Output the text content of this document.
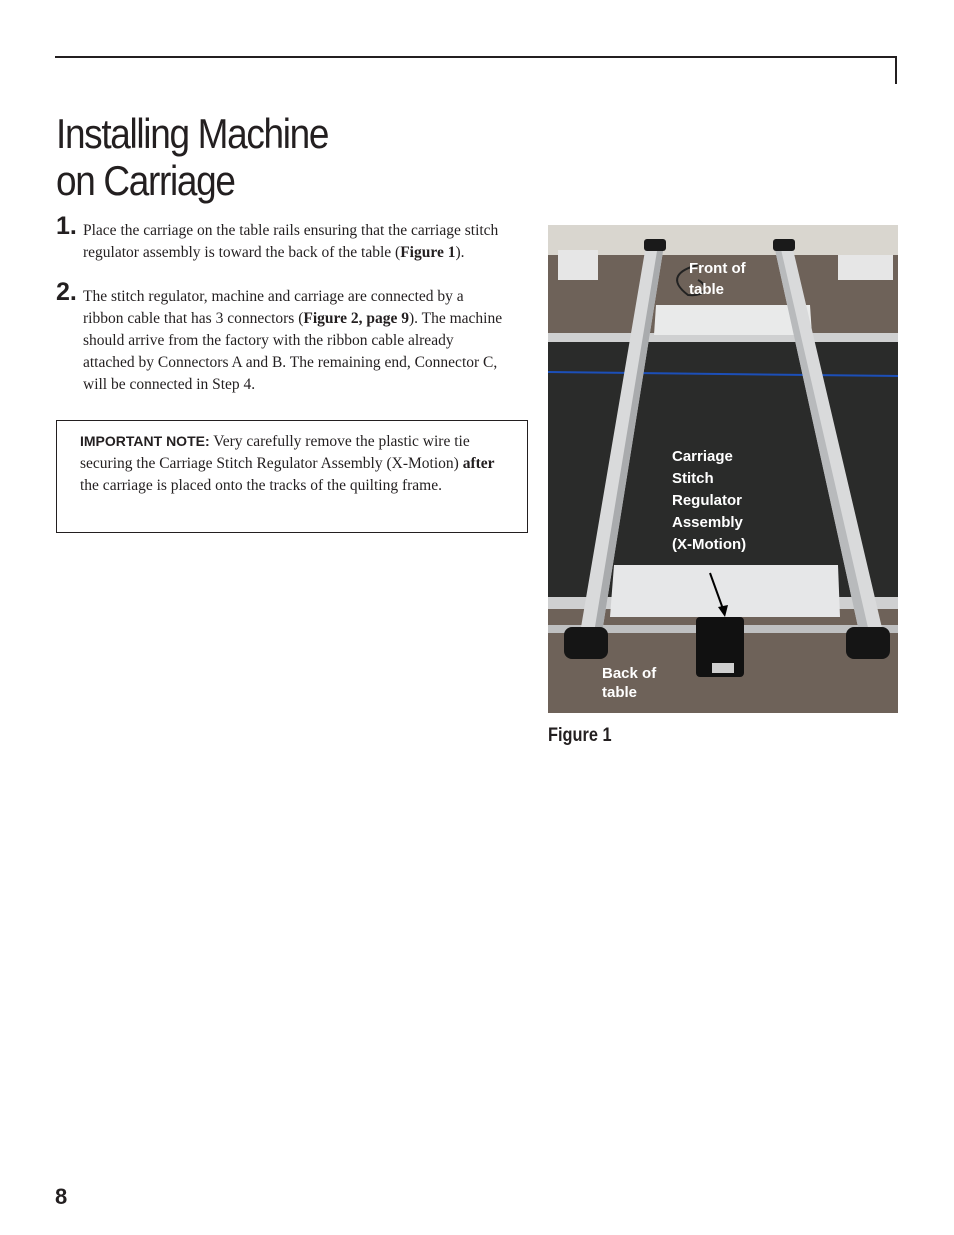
Installing Machine
on Carriage
1. Place the carriage on the table rails ensuring that the carriage stitch regulator assembly is toward the back of the table (Figure 1).

2. The stitch regulator, machine and carriage are connected by a ribbon cable that has 3 connectors (Figure 2, page 9). The machine should arrive from the factory with the ribbon cable already attached by Connectors A and B. The remaining end, Connector C, will be connected in Step 4.

IMPORTANT NOTE: Very carefully remove the plastic wire tie securing the Carriage Stitch Regulator Assembly (X-Motion) after the carriage is placed onto the tracks of the quilting frame.
Front of
table
Carriage
Stitch
Regulator
Assembly
(X-Motion)
Back of
table

Figure 1

8
